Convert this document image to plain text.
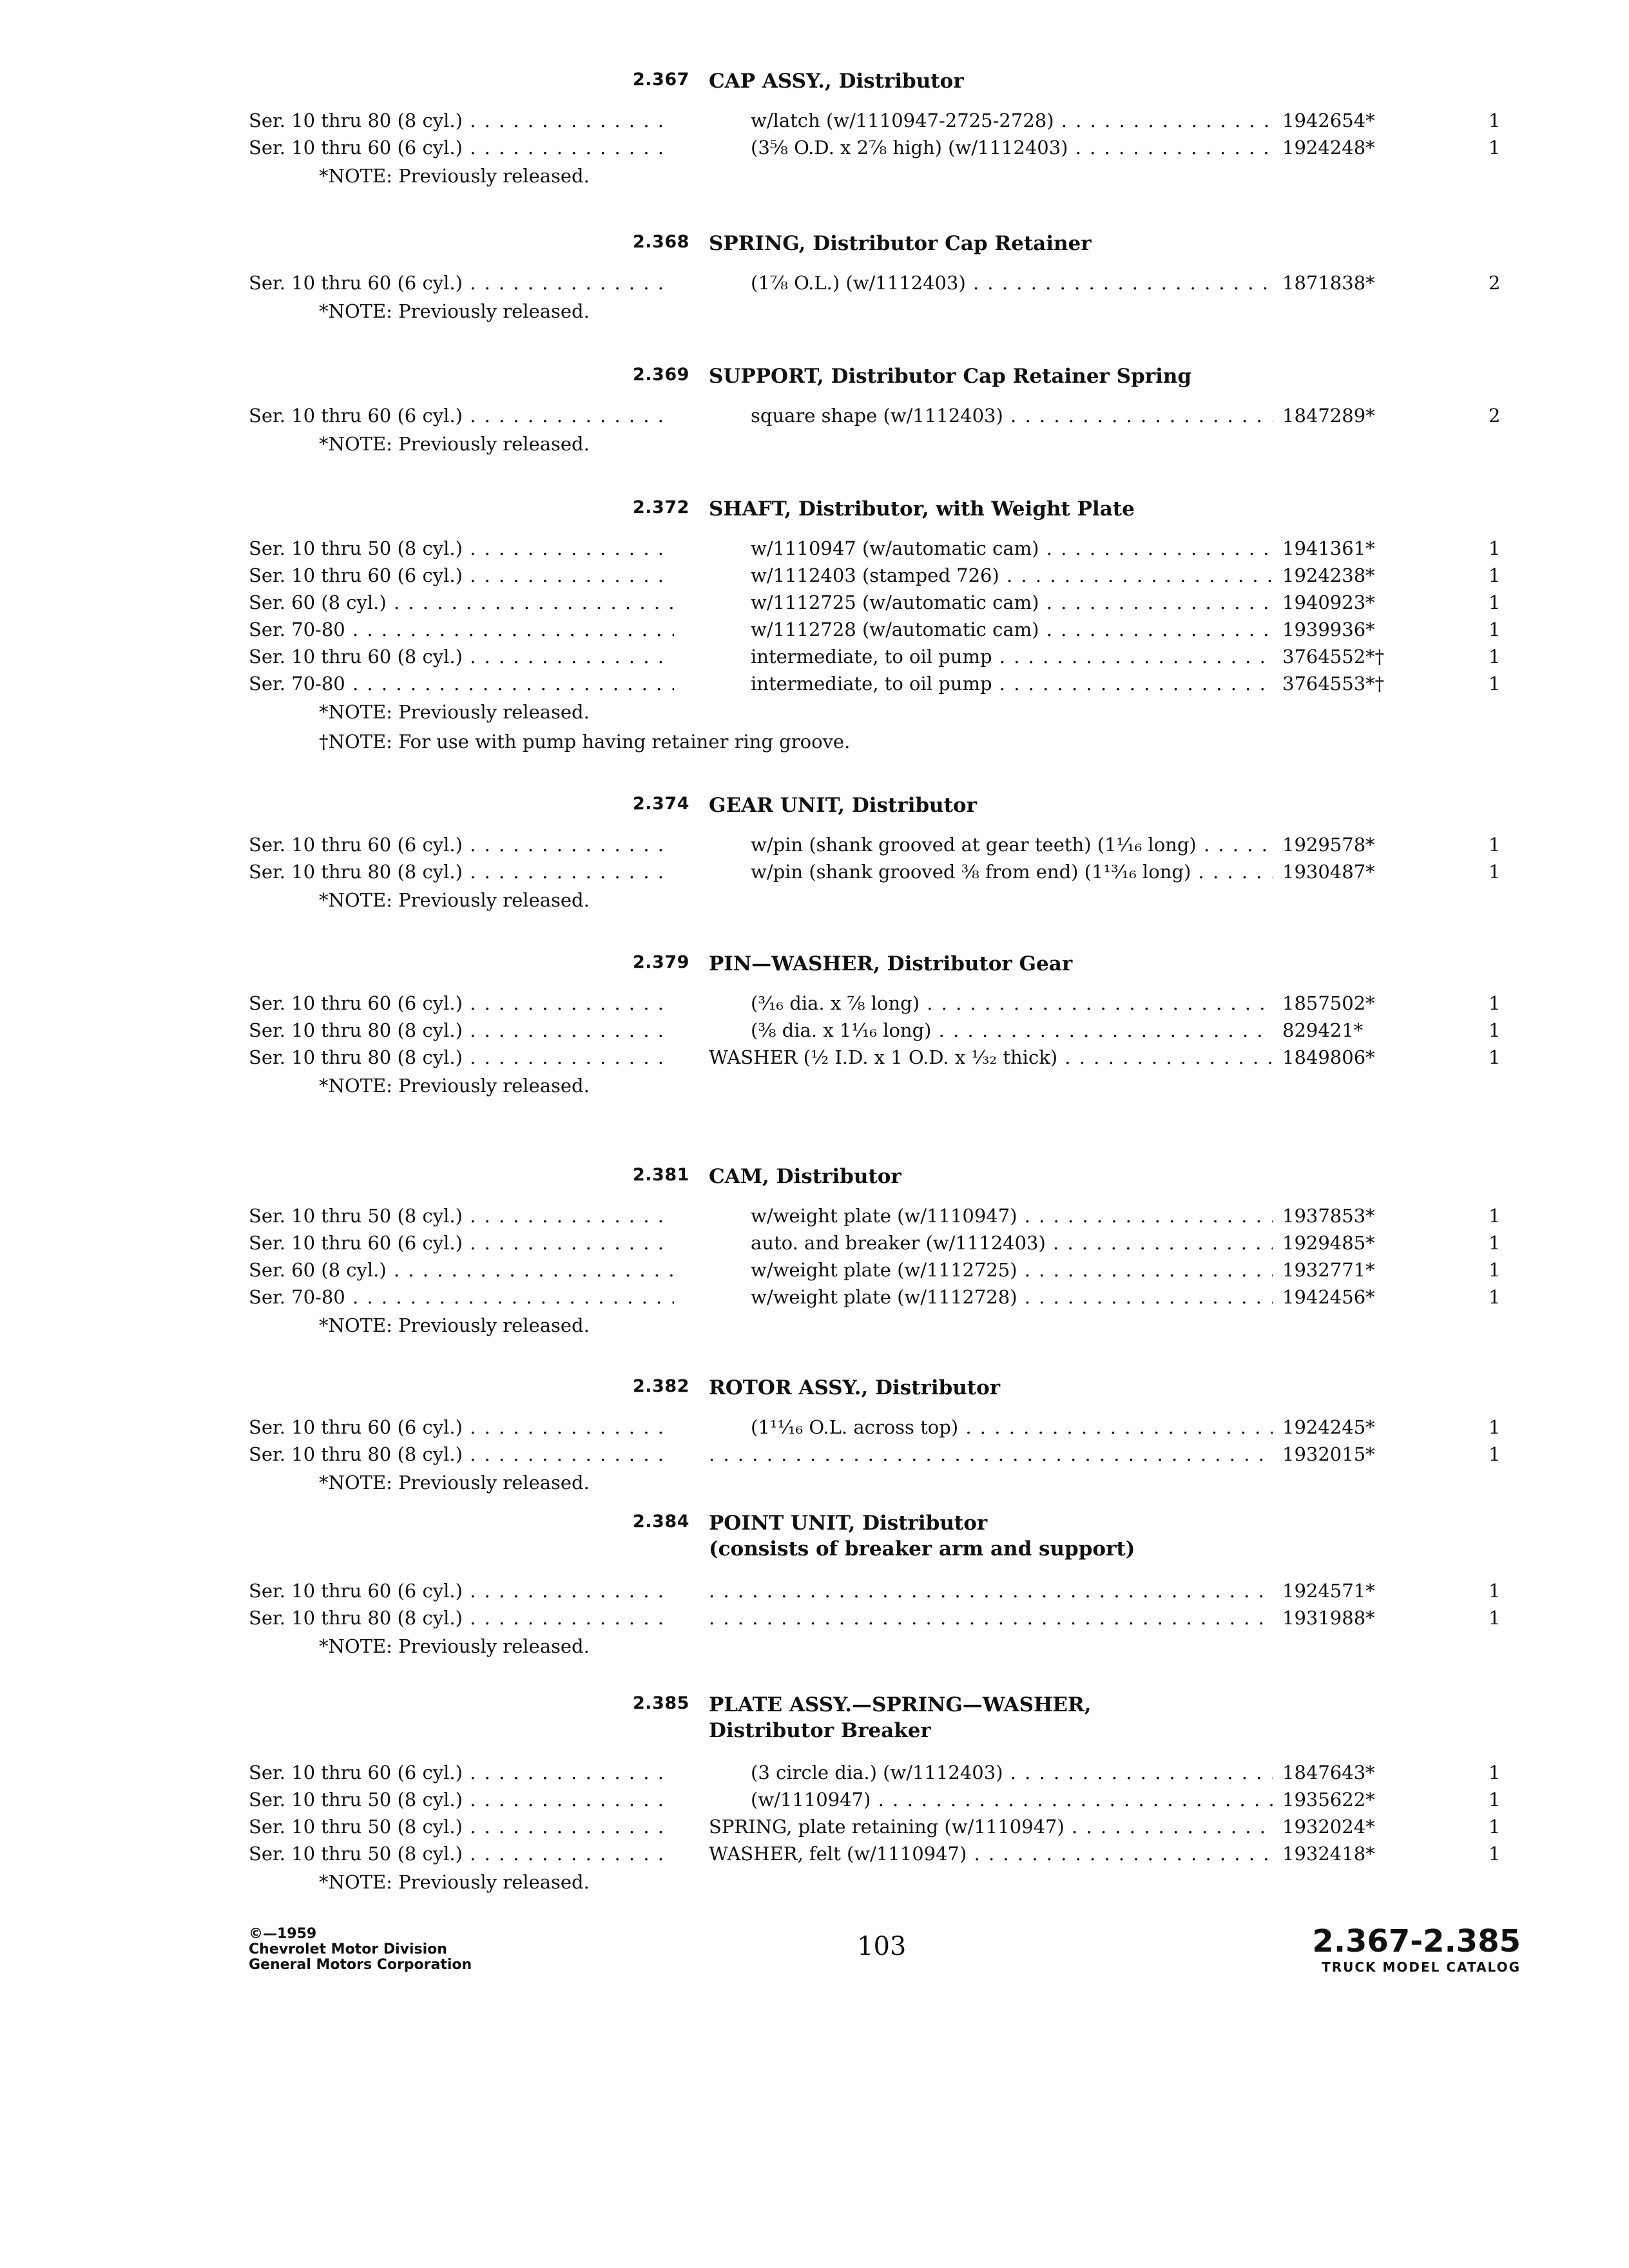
2.367 CAP ASSY., Distributor
Ser. 10 thru 80 (8 cyl.) . . .	w/latch (w/1110947-2725-2728) . . .	1942654*	1
Ser. 10 thru 60 (6 cyl.) . . .	(3⅝ O.D. x 2⅞ high) (w/1112403) . . .	1924248*	1
*NOTE: Previously released.
2.368 SPRING, Distributor Cap Retainer
Ser. 10 thru 60 (6 cyl.) . . .	(1⅞ O.L.) (w/1112403) . . .	1871838*	2
*NOTE: Previously released.
2.369 SUPPORT, Distributor Cap Retainer Spring
Ser. 10 thru 60 (6 cyl.) . . .	square shape (w/1112403) . . .	1847289*	2
*NOTE: Previously released.
2.372 SHAFT, Distributor, with Weight Plate
Ser. 10 thru 50 (8 cyl.) . . .	w/1110947 (w/automatic cam) . . .	1941361*	1
Ser. 10 thru 60 (6 cyl.) . . .	w/1112403 (stamped 726) . . .	1924238*	1
Ser. 60 (8 cyl.) . . .	w/1112725 (w/automatic cam) . . .	1940923*	1
Ser. 70-80 . . .	w/1112728 (w/automatic cam) . . .	1939936*	1
Ser. 10 thru 60 (8 cyl.) . . .	intermediate, to oil pump . . .	3764552*†	1
Ser. 70-80 . . .	intermediate, to oil pump . . .	3764553*†	1
*NOTE: Previously released.
†NOTE: For use with pump having retainer ring groove.
2.374 GEAR UNIT, Distributor
Ser. 10 thru 60 (6 cyl.) . . .	w/pin (shank grooved at gear teeth) (1¹⁄₁₆ long) . . .	1929578*	1
Ser. 10 thru 80 (8 cyl.) . . .	w/pin (shank grooved ⅜ from end) (1¹³⁄₁₆ long) . . .	1930487*	1
*NOTE: Previously released.
2.379 PIN—WASHER, Distributor Gear
Ser. 10 thru 60 (6 cyl.) . . .	(³⁄₁₆ dia. x ⅞ long) . . .	1857502*	1
Ser. 10 thru 80 (8 cyl.) . . .	(⅜ dia. x 1¹⁄₁₆ long) . . .	829421*	1
Ser. 10 thru 80 (8 cyl.) . . .	WASHER (½ I.D. x 1 O.D. x ¹⁄₃₂ thick) . . .	1849806*	1
*NOTE: Previously released.
2.381 CAM, Distributor
Ser. 10 thru 50 (8 cyl.) . . .	w/weight plate (w/1110947) . . .	1937853*	1
Ser. 10 thru 60 (6 cyl.) . . .	auto. and breaker (w/1112403) . . .	1929485*	1
Ser. 60 (8 cyl.) . . .	w/weight plate (w/1112725) . . .	1932771*	1
Ser. 70-80 . . .	w/weight plate (w/1112728) . . .	1942456*	1
*NOTE: Previously released.
2.382 ROTOR ASSY., Distributor
Ser. 10 thru 60 (6 cyl.) . . .	(1¹¹⁄₁₆ O.L. across top) . . .	1924245*	1
Ser. 10 thru 80 (8 cyl.) . . . . . .	1932015*	1
*NOTE: Previously released.
2.384 POINT UNIT, Distributor
(consists of breaker arm and support)
Ser. 10 thru 60 (6 cyl.) . . . . . .	1924571*	1
Ser. 10 thru 80 (8 cyl.) . . . . . .	1931988*	1
*NOTE: Previously released.
2.385 PLATE ASSY.—SPRING—WASHER,
Distributor Breaker
Ser. 10 thru 60 (6 cyl.) . . .	(3 circle dia.) (w/1112403) . . .	1847643*	1
Ser. 10 thru 50 (8 cyl.) . . .	(w/1110947) . . .	1935622*	1
Ser. 10 thru 50 (8 cyl.) . . .	SPRING, plate retaining (w/1110947) . . .	1932024*	1
Ser. 10 thru 50 (8 cyl.) . . .	WASHER, felt (w/1110947) . . .	1932418*	1
*NOTE: Previously released.
©—1959
Chevrolet Motor Division
General Motors Corporation
103	2.367-2.385
TRUCK MODEL CATALOG
